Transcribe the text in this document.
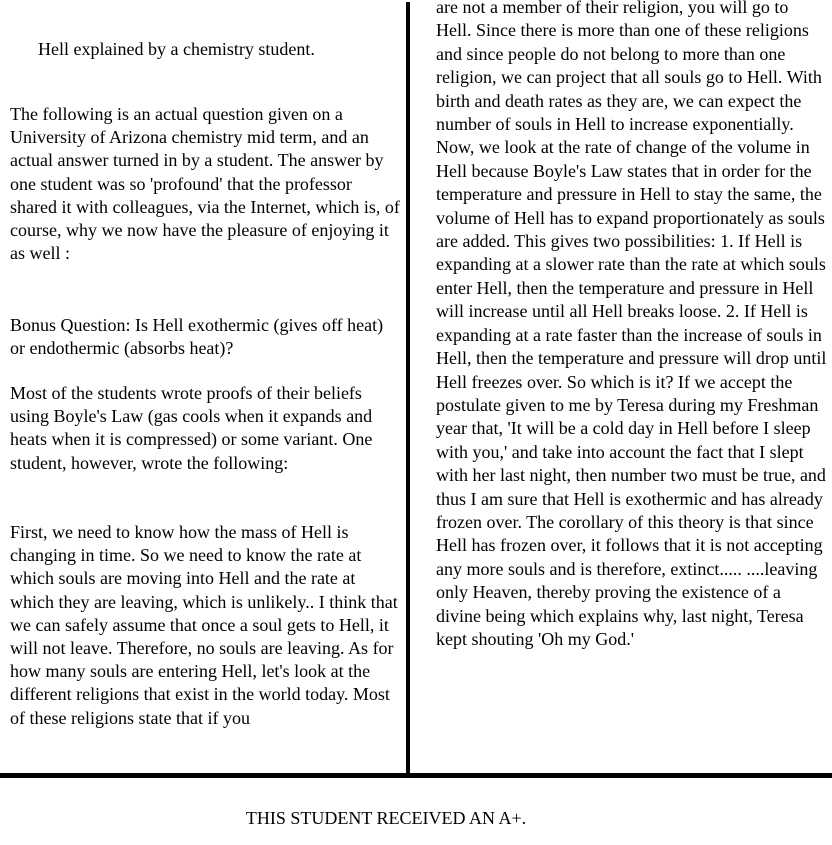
Hell explained by a chemistry student.

The following is an actual question given on a University of Arizona chemistry mid term, and an actual answer turned in by a student. The answer by one student was so 'profound' that the professor shared it with colleagues, via the Internet, which is, of course, why we now have the pleasure of enjoying it as well :

Bonus Question: Is Hell exothermic (gives off heat) or endothermic (absorbs heat)?

Most of the students wrote proofs of their beliefs using Boyle's Law (gas cools when it expands and heats when it is compressed) or some variant. One student, however, wrote the following:

First, we need to know how the mass of Hell is changing in time. So we need to know the rate at which souls are moving into Hell and the rate at which they are leaving, which is unlikely.. I think that we can safely assume that once a soul gets to Hell, it will not leave. Therefore, no souls are leaving. As for how many souls are entering Hell, let's look at the different religions that exist in the world today. Most of these religions state that if you

are not a member of their religion, you will go to Hell. Since there is more than one of these religions and since people do not belong to more than one religion, we can project that all souls go to Hell. With birth and death rates as they are, we can expect the number of souls in Hell to increase exponentially. Now, we look at the rate of change of the volume in Hell because Boyle's Law states that in order for the temperature and pressure in Hell to stay the same, the volume of Hell has to expand proportionately as souls are added. This gives two possibilities: 1. If Hell is expanding at a slower rate than the rate at which souls enter Hell, then the temperature and pressure in Hell will increase until all Hell breaks loose. 2. If Hell is expanding at a rate faster than the increase of souls in Hell, then the temperature and pressure will drop until Hell freezes over. So which is it? If we accept the postulate given to me by Teresa during my Freshman year that, 'It will be a cold day in Hell before I sleep with you,' and take into account the fact that I slept with her last night, then number two must be true, and thus I am sure that Hell is exothermic and has already frozen over. The corollary of this theory is that since Hell has frozen over, it follows that it is not accepting any more souls and is therefore, extinct..... ....leaving only Heaven, thereby proving the existence of a divine being which explains why, last night, Teresa kept shouting 'Oh my God.'

THIS STUDENT RECEIVED AN A+.
